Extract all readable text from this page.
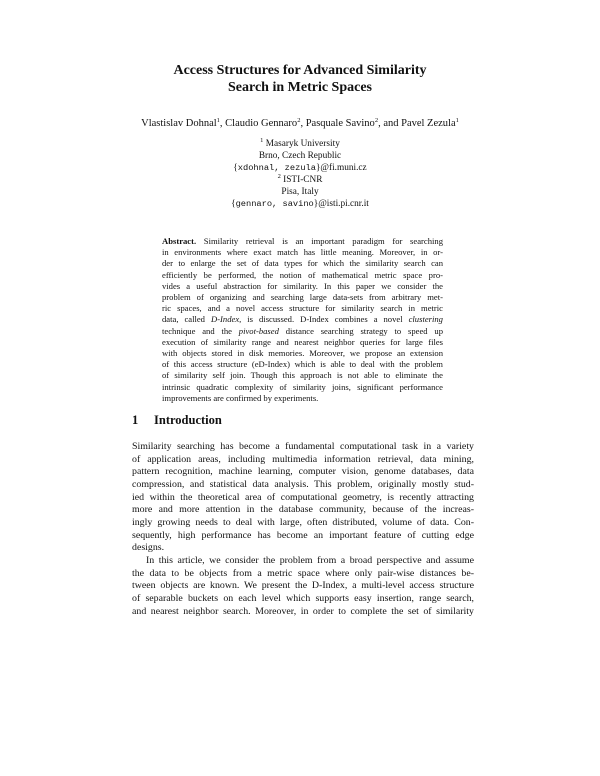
Access Structures for Advanced Similarity
Search in Metric Spaces
Vlastislav Dohnal$^1$, Claudio Gennaro$^2$, Pasquale Savino$^2$, and Pavel Zezula$^1$
$^1$ Masaryk University
Brno, Czech Republic
{xdohnal, zezula}@fi.muni.cz
$^2$ ISTI-CNR
Pisa, Italy
{gennaro, savino}@isti.pi.cnr.it
Abstract. Similarity retrieval is an important paradigm for searching
in environments where exact match has little meaning. Moreover, in or-
der to enlarge the set of data types for which the similarity search can
efficiently be performed, the notion of mathematical metric space pro-
vides a useful abstraction for similarity. In this paper we consider the
problem of organizing and searching large data-sets from arbitrary met-
ric spaces, and a novel access structure for similarity search in metric
data, called D-Index, is discussed. D-Index combines a novel clustering
technique and the pivot-based distance searching strategy to speed up
execution of similarity range and nearest neighbor queries for large files
with objects stored in disk memories. Moreover, we propose an extension
of this access structure (eD-Index) which is able to deal with the problem
of similarity self join. Though this approach is not able to eliminate the
intrinsic quadratic complexity of similarity joins, significant performance
improvements are confirmed by experiments.
1 Introduction
Similarity searching has become a fundamental computational task in a variety
of application areas, including multimedia information retrieval, data mining,
pattern recognition, machine learning, computer vision, genome databases, data
compression, and statistical data analysis. This problem, originally mostly stud-
ied within the theoretical area of computational geometry, is recently attracting
more and more attention in the database community, because of the increas-
ingly growing needs to deal with large, often distributed, volume of data. Con-
sequently, high performance has become an important feature of cutting edge
designs.
In this article, we consider the problem from a broad perspective and assume
the data to be objects from a metric space where only pair-wise distances be-
tween objects are known. We present the D-Index, a multi-level access structure
of separable buckets on each level which supports easy insertion, range search,
and nearest neighbor search. Moreover, in order to complete the set of similarity
